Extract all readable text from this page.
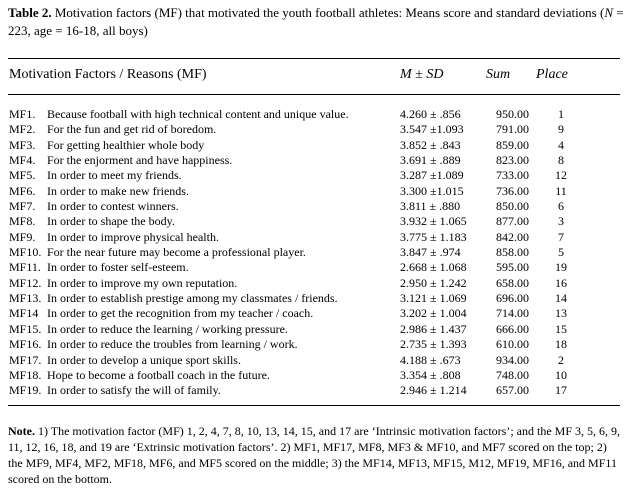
Table 2. Motivation factors (MF) that motivated the youth football athletes: Means score and standard deviations (N = 223, age = 16-18, all boys)
Motivation Factors / Reasons (MF)	M ± SD	Sum Place
MF1. Because football with high technical content and unique value.	4.260 ± .856	950.00	1
MF2. For the fun and get rid of boredom.	3.547 ±1.093	791.00	9
MF3. For getting healthier whole body	3.852 ± .843	859.00	4
MF4. For the enjorment and have happiness.	3.691 ± .889	823.00	8
MF5. In order to meet my friends.	3.287 ±1.089	733.00	12
MF6. In order to make new friends.	3.300 ±1.015	736.00	11
MF7. In order to contest winners.	3.811 ± .880	850.00	6
MF8. In order to shape the body.	3.932 ± 1.065 877.00	3
MF9. In order to improve physical health.	3.775 ± 1.183 842.00	7
MF10. For the near future may become a professional player.	3.847 ± .974	858.00	5
MF11. In order to foster self-esteem.	2.668 ± 1.068 595.00	19
MF12. In order to improve my own reputation.	2.950 ± 1.242 658.00	16
MF13. In order to establish prestige among my classmates / friends.	3.121 ± 1.069 696.00	14
MF14 In order to get the recognition from my teacher / coach.	3.202 ± 1.004 714.00	13
MF15. In order to reduce the learning / working pressure.	2.986 ± 1.437 666.00	15
MF16. In order to reduce the troubles from learning / work.	2.735 ± 1.393 610.00	18
MF17. In order to develop a unique sport skills.	4.188 ± .673	934.00	2
MF18. Hope to become a football coach in the future.	3.354 ± .808	748.00	10
MF19. In order to satisfy the will of family.	2.946 ± 1.214 657.00	17
Note. 1) The motivation factor (MF) 1, 2, 4, 7, 8, 10, 13, 14, 15, and 17 are ‘Intrinsic motivation factors’; and the MF 3, 5, 6, 9, 11, 12, 16, 18, and 19 are ‘Extrinsic motivation factors’. 2) MF1, MF17, MF8, MF3 & MF10, and MF7 scored on the top; 2) the MF9, MF4, MF2, MF18, MF6, and MF5 scored on the middle; 3) the MF14, MF13, MF15, M12, MF19, MF16, and MF11 scored on the bottom.
